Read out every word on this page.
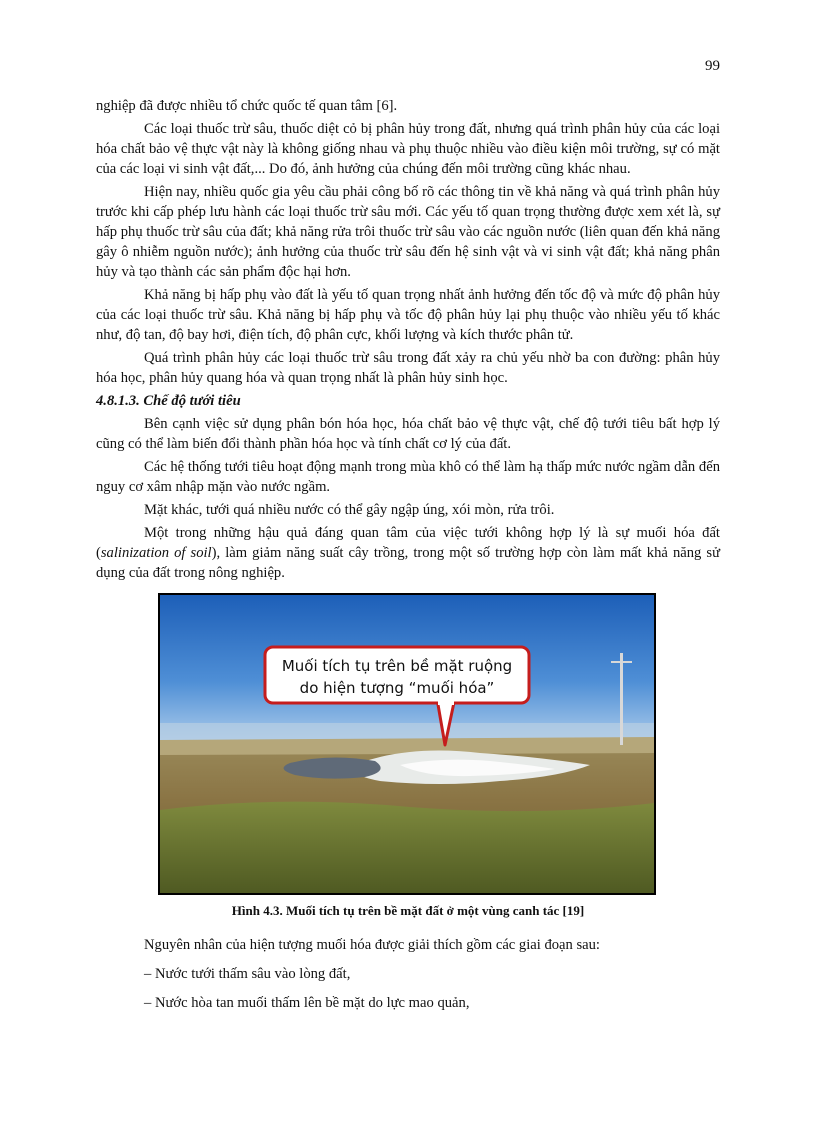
99

nghiệp đã được nhiều tổ chức quốc tế quan tâm [6].

Các loại thuốc trừ sâu, thuốc diệt cỏ bị phân hủy trong đất, nhưng quá trình phân hủy của các loại hóa chất bảo vệ thực vật này là không giống nhau và phụ thuộc nhiều vào điều kiện môi trường, sự có mặt của các loại vi sinh vật đất,... Do đó, ảnh hưởng của chúng đến môi trường cũng khác nhau.

Hiện nay, nhiều quốc gia yêu cầu phải công bố rõ các thông tin về khả năng và quá trình phân hủy trước khi cấp phép lưu hành các loại thuốc trừ sâu mới. Các yếu tố quan trọng thường được xem xét là, sự hấp phụ thuốc trừ sâu của đất; khả năng rửa trôi thuốc trừ sâu vào các nguồn nước (liên quan đến khả năng gây ô nhiễm nguồn nước); ảnh hưởng của thuốc trừ sâu đến hệ sinh vật và vi sinh vật đất; khả năng phân hủy và tạo thành các sản phẩm độc hại hơn.

Khả năng bị hấp phụ vào đất là yếu tố quan trọng nhất ảnh hưởng đến tốc độ và mức độ phân hủy của các loại thuốc trừ sâu. Khả năng bị hấp phụ và tốc độ phân hủy lại phụ thuộc vào nhiều yếu tố khác như, độ tan, độ bay hơi, điện tích, độ phân cực, khối lượng và kích thước phân tử.

Quá trình phân hủy các loại thuốc trừ sâu trong đất xảy ra chủ yếu nhờ ba con đường: phân hủy hóa học, phân hủy quang hóa và quan trọng nhất là phân hủy sinh học.

4.8.1.3. Chế độ tưới tiêu

Bên cạnh việc sử dụng phân bón hóa học, hóa chất bảo vệ thực vật, chế độ tưới tiêu bất hợp lý cũng có thể làm biến đổi thành phần hóa học và tính chất cơ lý của đất.

Các hệ thống tưới tiêu hoạt động mạnh trong mùa khô có thể làm hạ thấp mức nước ngầm dẫn đến nguy cơ xâm nhập mặn vào nước ngầm.

Mặt khác, tưới quá nhiều nước có thể gây ngập úng, xói mòn, rửa trôi.

Một trong những hậu quả đáng quan tâm của việc tưới không hợp lý là sự muối hóa đất (salinization of soil), làm giảm năng suất cây trồng, trong một số trường hợp còn làm mất khả năng sử dụng của đất trong nông nghiệp.

Muối tích tụ trên bề mặt ruộng
do hiện tượng “muối hóa”
Hình 4.3. Muối tích tụ trên bề mặt đất ở một vùng canh tác [19]

Nguyên nhân của hiện tượng muối hóa được giải thích gồm các giai đoạn sau:

– Nước tưới thấm sâu vào lòng đất,

– Nước hòa tan muối thấm lên bề mặt do lực mao quản,
